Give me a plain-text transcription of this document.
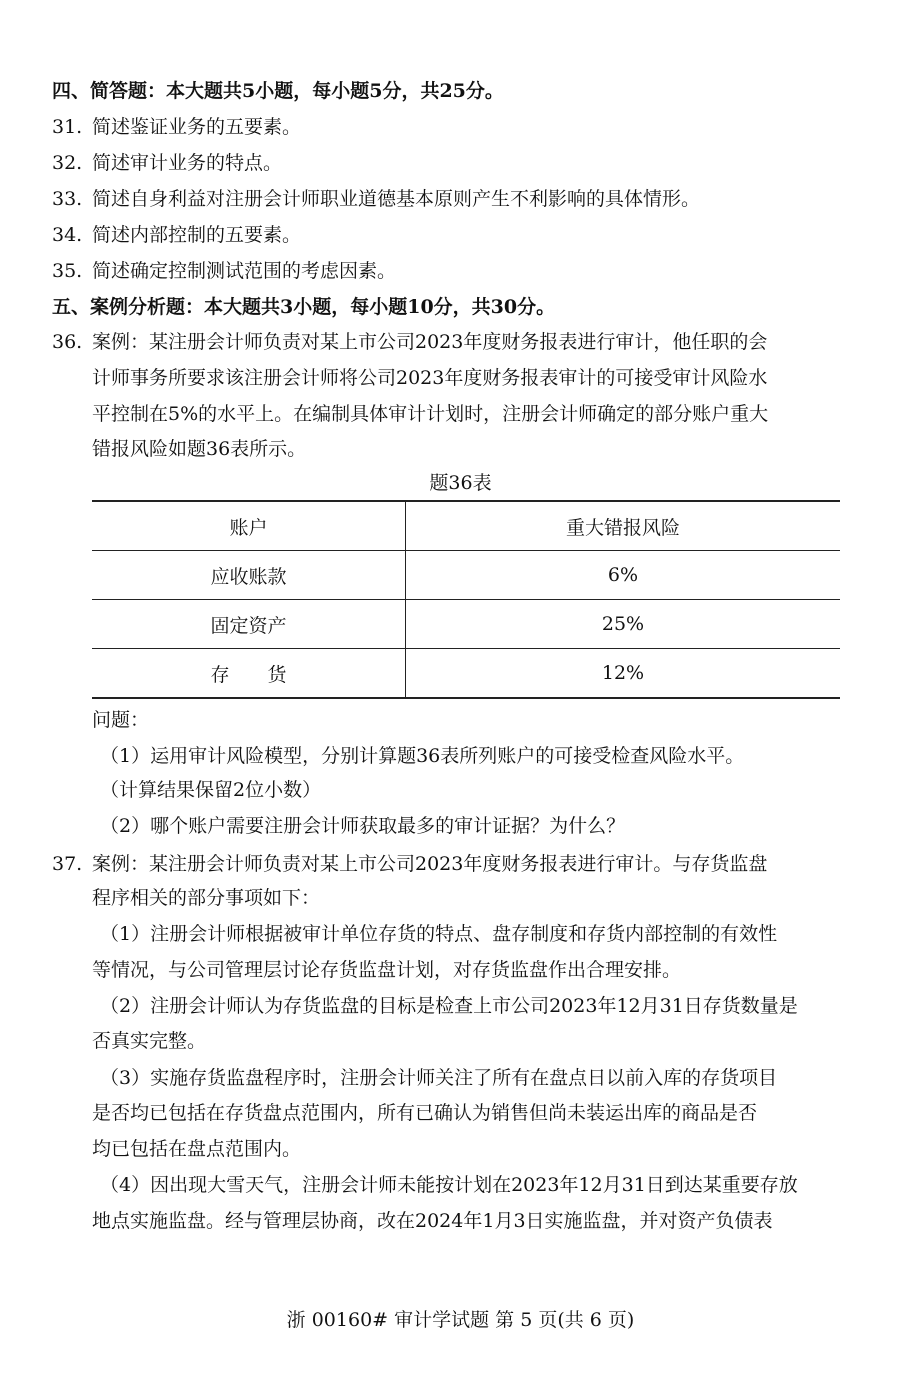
四、简答题：本大题共5小题，每小题5分，共25分。
31. 简述鉴证业务的五要素。
32. 简述审计业务的特点。
33. 简述自身利益对注册会计师职业道德基本原则产生不利影响的具体情形。
34. 简述内部控制的五要素。
35. 简述确定控制测试范围的考虑因素。
五、案例分析题：本大题共3小题，每小题10分，共30分。
36. 案例：某注册会计师负责对某上市公司2023年度财务报表进行审计，他任职的会
计师事务所要求该注册会计师将公司2023年度财务报表审计的可接受审计风险水
平控制在5%的水平上。在编制具体审计计划时，注册会计师确定的部分账户重大
错报风险如题36表所示。
题36表
账户	重大错报风险
应收账款	6%
固定资产	25%
存　　货	12%
问题：
（1）运用审计风险模型，分别计算题36表所列账户的可接受检查风险水平。
（计算结果保留2位小数）
（2）哪个账户需要注册会计师获取最多的审计证据？为什么？
37. 案例：某注册会计师负责对某上市公司2023年度财务报表进行审计。与存货监盘
程序相关的部分事项如下：
（1）注册会计师根据被审计单位存货的特点、盘存制度和存货内部控制的有效性
等情况，与公司管理层讨论存货监盘计划，对存货监盘作出合理安排。
（2）注册会计师认为存货监盘的目标是检查上市公司2023年12月31日存货数量是
否真实完整。
（3）实施存货监盘程序时，注册会计师关注了所有在盘点日以前入库的存货项目
是否均已包括在存货盘点范围内，所有已确认为销售但尚未装运出库的商品是否
均已包括在盘点范围内。
（4）因出现大雪天气，注册会计师未能按计划在2023年12月31日到达某重要存放
地点实施监盘。经与管理层协商，改在2024年1月3日实施监盘，并对资产负债表
浙 00160# 审计学试题 第 5 页(共 6 页)
